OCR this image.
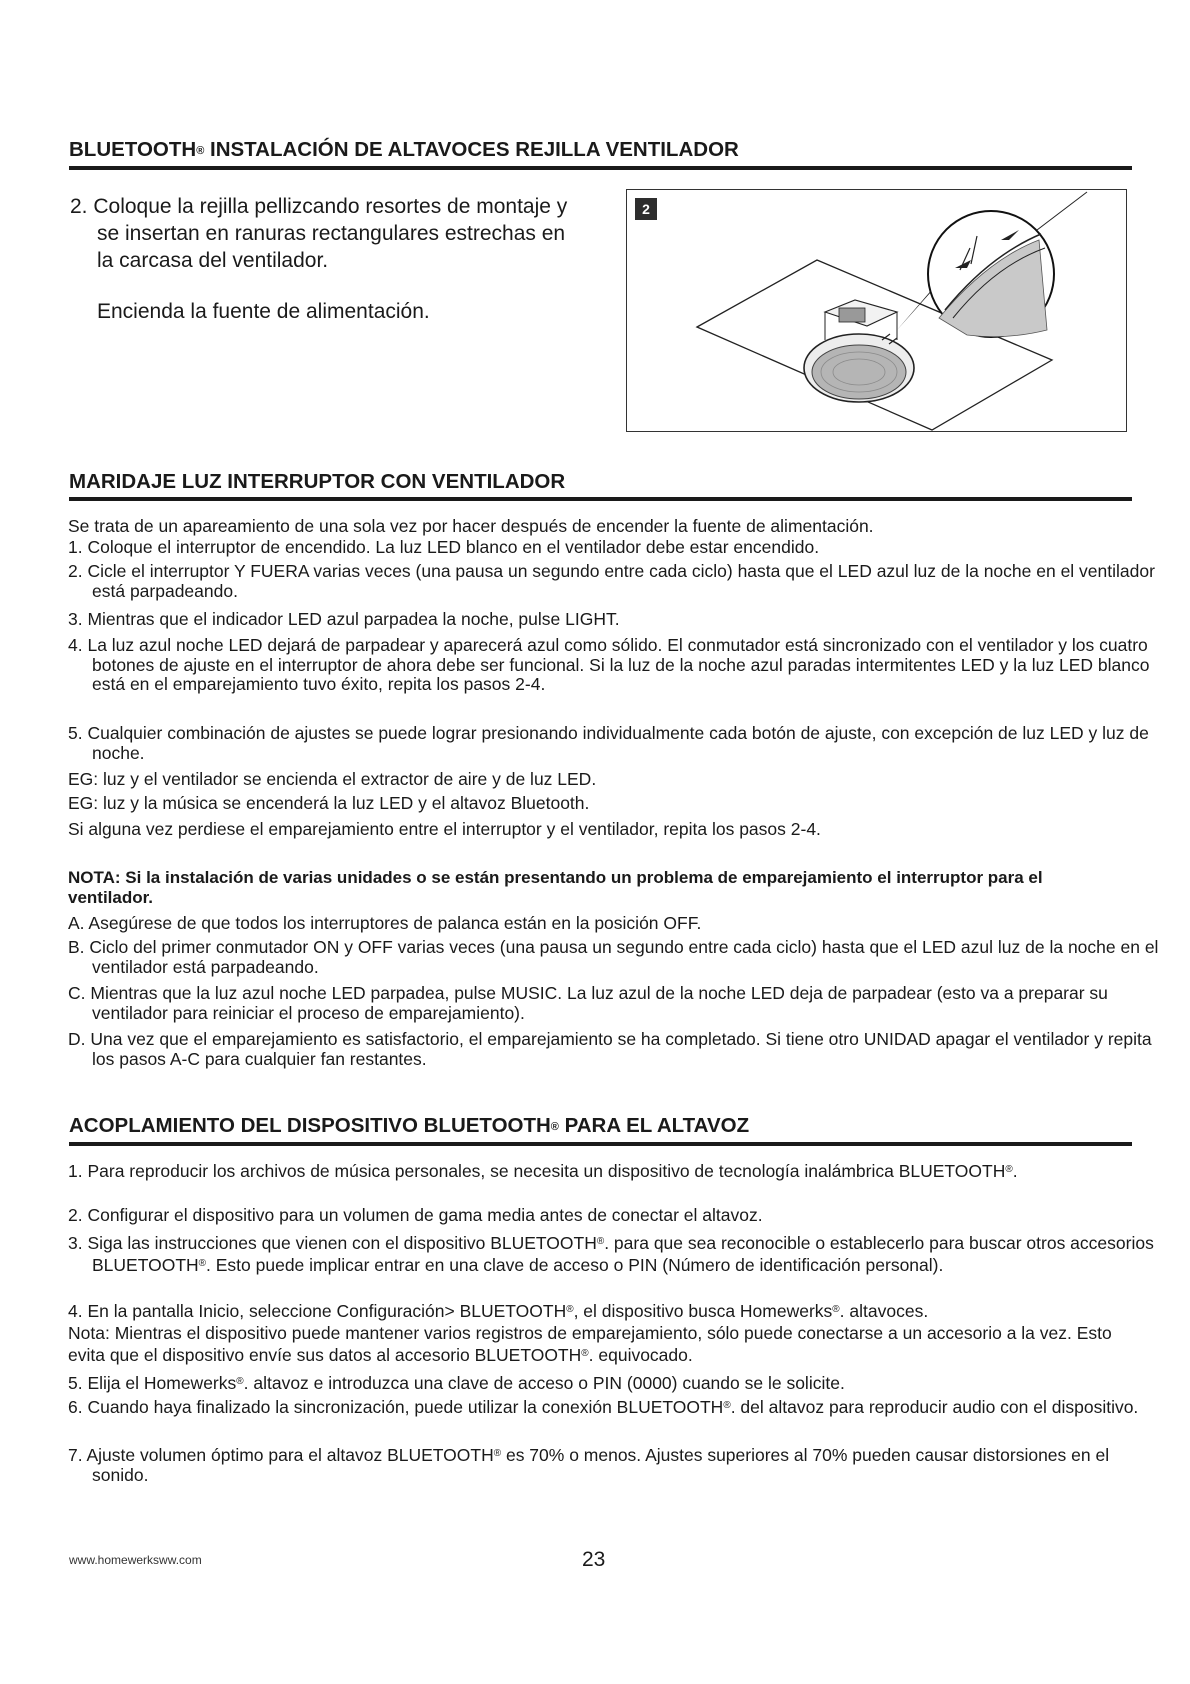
BLUETOOTH® INSTALACIÓN DE ALTAVOCES REJILLA VENTILADOR
2. Coloque la rejilla pellizcando resortes de montaje y se insertan en ranuras rectangulares estrechas en la carcasa del ventilador.
Encienda la fuente de alimentación.
2
MARIDAJE LUZ INTERRUPTOR CON VENTILADOR
Se trata de un apareamiento de una sola vez por hacer después de encender la fuente de alimentación.
1. Coloque el interruptor de encendido. La luz LED blanco en el ventilador debe estar encendido.
2. Cicle el interruptor Y FUERA varias veces (una pausa un segundo entre cada ciclo) hasta que el LED azul luz de la noche en el ventilador está parpadeando.
3. Mientras que el indicador LED azul parpadea la noche, pulse LIGHT.
4. La luz azul noche LED dejará de parpadear y aparecerá azul como sólido. El conmutador está sincronizado con el ventilador y los cuatro botones de ajuste en el interruptor de ahora debe ser funcional. Si la luz de la noche azul paradas intermitentes LED y la luz LED blanco está en el emparejamiento tuvo éxito, repita los pasos 2-4.
5. Cualquier combinación de ajustes se puede lograr presionando individualmente cada botón de ajuste, con excepción de luz LED y luz de noche.
EG: luz y el ventilador se encienda el extractor de aire y de luz LED.
EG: luz y la música se encenderá la luz LED y el altavoz Bluetooth.
Si alguna vez perdiese el emparejamiento entre el interruptor y el ventilador, repita los pasos 2-4.
NOTA: Si la instalación de varias unidades o se están presentando un problema de emparejamiento el interruptor para el ventilador.
A. Asegúrese de que todos los interruptores de palanca están en la posición OFF.
B. Ciclo del primer conmutador ON y OFF varias veces (una pausa un segundo entre cada ciclo) hasta que el LED azul luz de la noche en el ventilador está parpadeando.
C. Mientras que la luz azul noche LED parpadea, pulse MUSIC. La luz azul de la noche LED deja de parpadear (esto va a preparar su ventilador para reiniciar el proceso de emparejamiento).
D. Una vez que el emparejamiento es satisfactorio, el emparejamiento se ha completado. Si tiene otro UNIDAD apagar el ventilador y repita los pasos A-C para cualquier fan restantes.
ACOPLAMIENTO DEL DISPOSITIVO BLUETOOTH® PARA EL ALTAVOZ
1. Para reproducir los archivos de música personales, se necesita un dispositivo de tecnología inalámbrica BLUETOOTH®.
2. Configurar el dispositivo para un volumen de gama media antes de conectar el altavoz.
3. Siga las instrucciones que vienen con el dispositivo BLUETOOTH®. para que sea reconocible o establecerlo para buscar otros accesorios BLUETOOTH®. Esto puede implicar entrar en una clave de acceso o PIN (Número de identificación personal).
4. En la pantalla Inicio, seleccione Configuración> BLUETOOTH®, el dispositivo busca Homewerks®. altavoces.
Nota: Mientras el dispositivo puede mantener varios registros de emparejamiento, sólo puede conectarse a un accesorio a la vez. Esto evita que el dispositivo envíe sus datos al accesorio BLUETOOTH®. equivocado.
5. Elija el Homewerks®. altavoz e introduzca una clave de acceso o PIN (0000) cuando se le solicite.
6. Cuando haya finalizado la sincronización, puede utilizar la conexión BLUETOOTH®. del altavoz para reproducir audio con el dispositivo.
7. Ajuste volumen óptimo para el altavoz BLUETOOTH® es 70% o menos. Ajustes superiores al 70% pueden causar distorsiones en el sonido.
www.homewerksww.com	23
